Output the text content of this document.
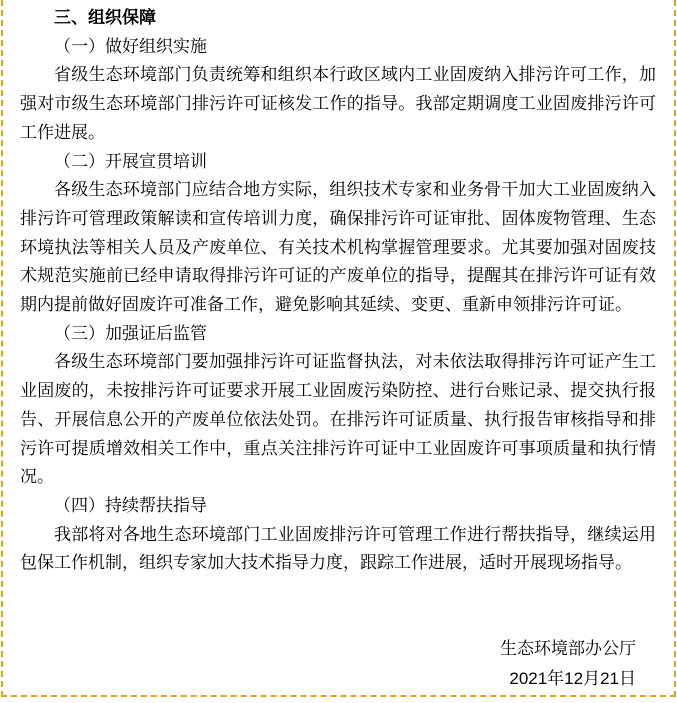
三、组织保障
（一）做好组织实施
省级生态环境部门负责统筹和组织本行政区域内工业固废纳入排污许可工作，加强对市级生态环境部门排污许可证核发工作的指导。我部定期调度工业固废排污许可工作进展。
（二）开展宣贯培训
各级生态环境部门应结合地方实际，组织技术专家和业务骨干加大工业固废纳入排污许可管理政策解读和宣传培训力度，确保排污许可证审批、固体废物管理、生态环境执法等相关人员及产废单位、有关技术机构掌握管理要求。尤其要加强对固废技术规范实施前已经申请取得排污许可证的产废单位的指导，提醒其在排污许可证有效期内提前做好固废许可准备工作，避免影响其延续、变更、重新申领排污许可证。
（三）加强证后监管
各级生态环境部门要加强排污许可证监督执法，对未依法取得排污许可证产生工业固废的，未按排污许可证要求开展工业固废污染防控、进行台账记录、提交执行报告、开展信息公开的产废单位依法处罚。在排污许可证质量、执行报告审核指导和排污许可提质增效相关工作中，重点关注排污许可证中工业固废许可事项质量和执行情况。
（四）持续帮扶指导
我部将对各地生态环境部门工业固废排污许可管理工作进行帮扶指导，继续运用包保工作机制，组织专家加大技术指导力度，跟踪工作进展，适时开展现场指导。
生态环境部办公厅
2021年12月21日
